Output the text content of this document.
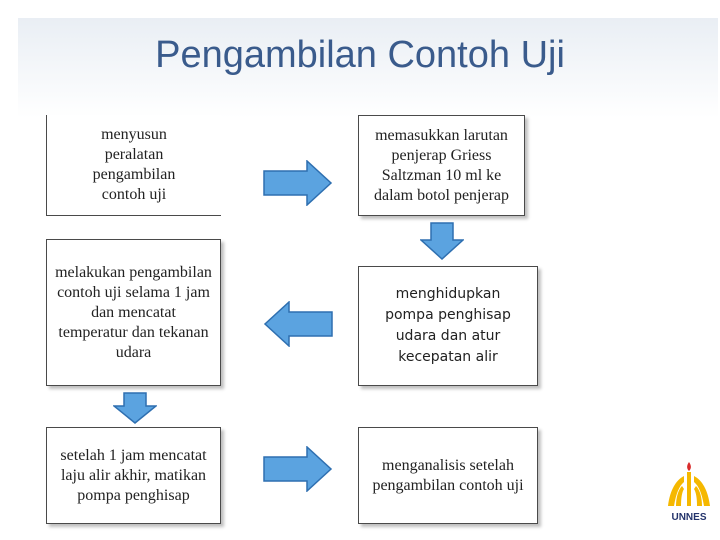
Pengambilan Contoh Uji
menyusun peralatan pengambilan contoh uji
memasukkan larutan penjerap Griess Saltzman 10 ml ke dalam botol penjerap
melakukan pengambilan contoh uji selama 1 jam dan mencatat temperatur dan tekanan udara
menghidupkan pompa penghisap udara dan atur kecepatan alir
setelah 1 jam mencatat laju alir akhir, matikan pompa penghisap
menganalisis setelah pengambilan contoh uji
UNNES
